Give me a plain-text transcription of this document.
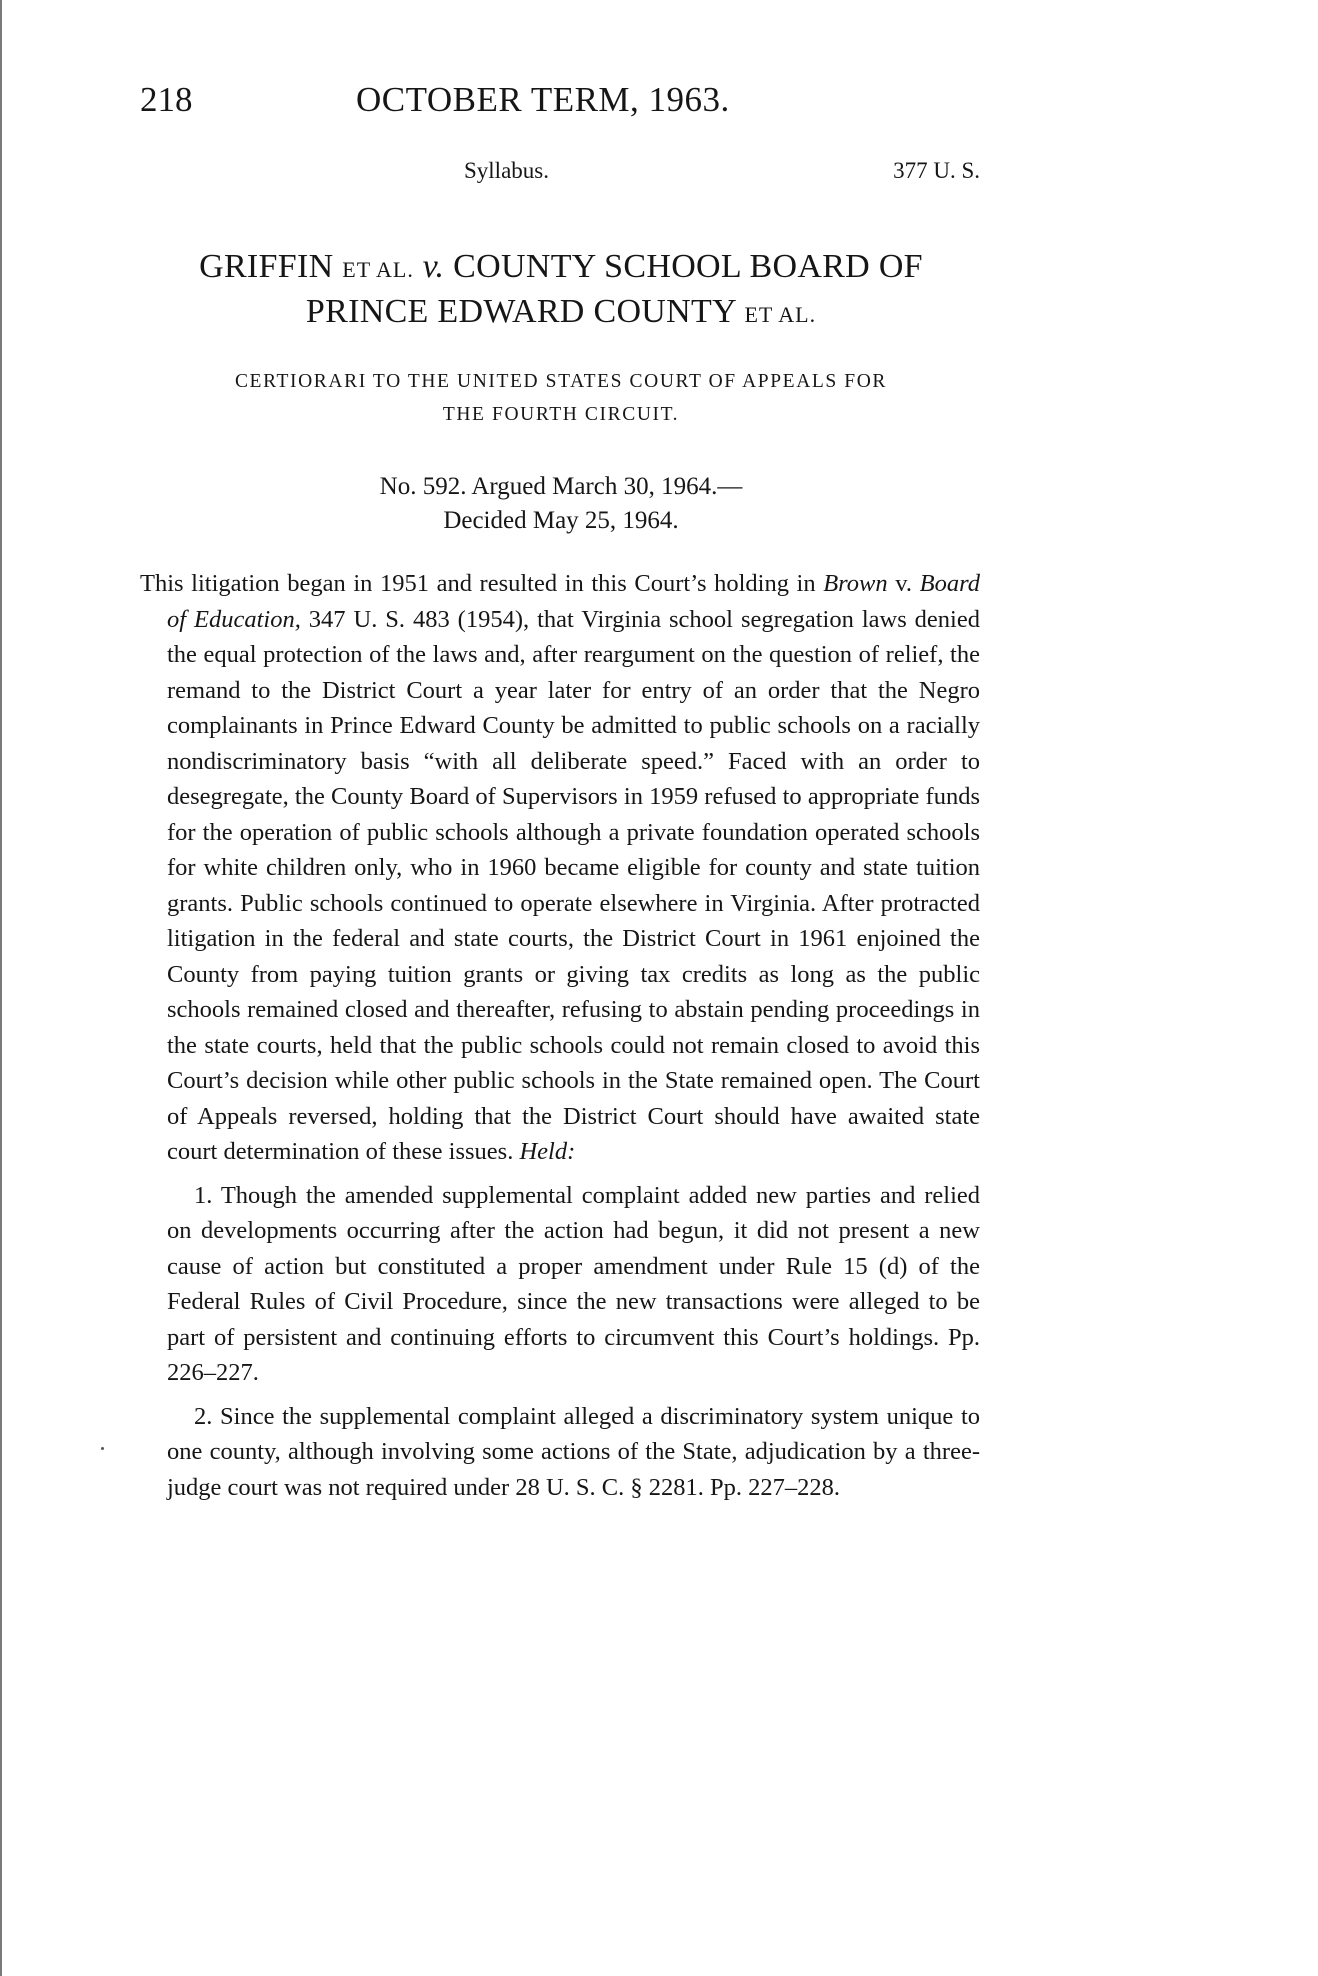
218	OCTOBER TERM, 1963.
Syllabus.	377 U. S.
GRIFFIN ET AL. v. COUNTY SCHOOL BOARD OF
PRINCE EDWARD COUNTY ET AL.
CERTIORARI TO THE UNITED STATES COURT OF APPEALS FOR
THE FOURTH CIRCUIT.
No. 592. Argued March 30, 1964.—
Decided May 25, 1964.

This litigation began in 1951 and resulted in this Court’s holding in Brown v. Board of Education, 347 U. S. 483 (1954), that Virginia school segregation laws denied the equal protection of the laws and, after reargument on the question of relief, the remand to the District Court a year later for entry of an order that the Negro complainants in Prince Edward County be admitted to public schools on a racially nondiscriminatory basis “with all deliberate speed.” Faced with an order to desegregate, the County Board of Supervisors in 1959 refused to appropriate funds for the operation of public schools although a private foundation operated schools for white children only, who in 1960 became eligible for county and state tuition grants. Public schools continued to operate elsewhere in Virginia. After protracted litigation in the federal and state courts, the District Court in 1961 enjoined the County from paying tuition grants or giving tax credits as long as the public schools remained closed and thereafter, refusing to abstain pending proceedings in the state courts, held that the public schools could not remain closed to avoid this Court’s decision while other public schools in the State remained open. The Court of Appeals reversed, holding that the District Court should have awaited state court determination of these issues. Held:

1. Though the amended supplemental complaint added new parties and relied on developments occurring after the action had begun, it did not present a new cause of action but constituted a proper amendment under Rule 15 (d) of the Federal Rules of Civil Procedure, since the new transactions were alleged to be part of persistent and continuing efforts to circumvent this Court’s holdings. Pp. 226–227.

2. Since the supplemental complaint alleged a discriminatory system unique to one county, although involving some actions of the State, adjudication by a three-judge court was not required under 28 U. S. C. § 2281. Pp. 227–228.
